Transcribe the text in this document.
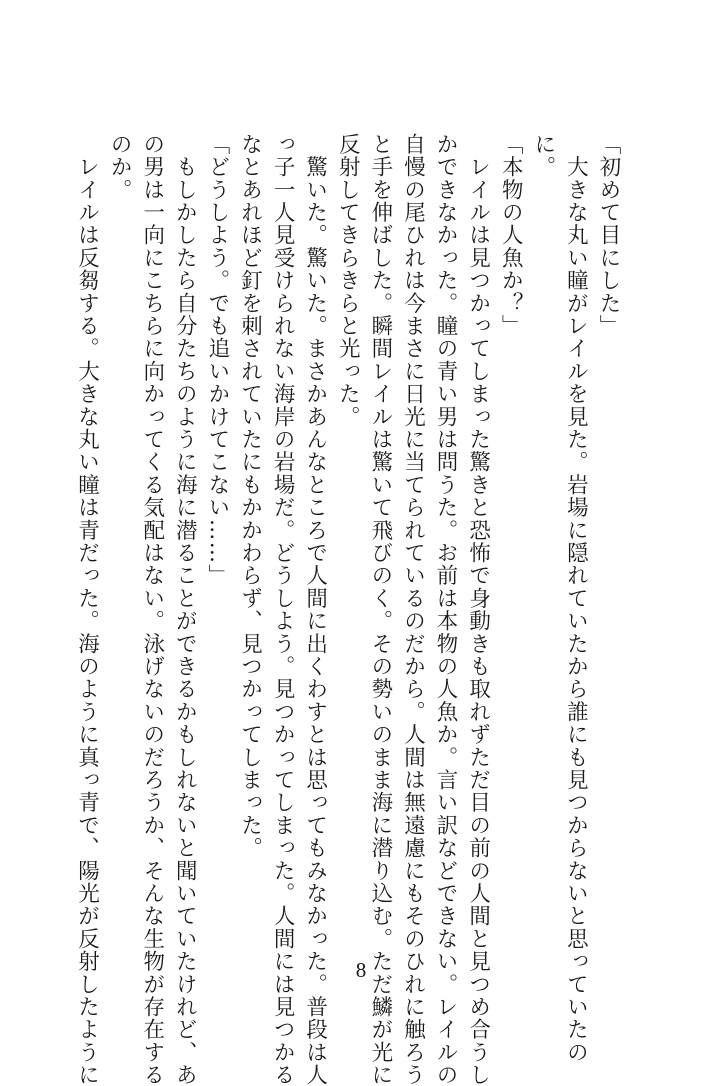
「初めて目にした」
　大きな丸い瞳がレイルを見た。岩場に隠れていたから誰にも見つからないと思っていたの
に。
「本物の人魚か？」
　レイルは見つかってしまった驚きと恐怖で身動きも取れずただ目の前の人間と見つめ合うし
かできなかった。瞳の青い男は問うた。お前は本物の人魚か。言い訳などできない。レイルの
自慢の尾ひれは今まさに日光に当てられているのだから。人間は無遠慮にもそのひれに触ろう
と手を伸ばした。瞬間レイルは驚いて飛びのく。その勢いのまま海に潜り込む。ただ鱗が光に
反射してきらきらと光った。
　驚いた。驚いた。まさかあんなところで人間に出くわすとは思ってもみなかった。普段は人
っ子一人見受けられない海岸の岩場だ。どうしよう。見つかってしまった。人間には見つかる
なとあれほど釘を刺されていたにもかかわらず、見つかってしまった。
「どうしよう。でも追いかけてこない……」
　もしかしたら自分たちのように海に潜ることができるかもしれないと聞いていたけれど、あ
の男は一向にこちらに向かってくる気配はない。泳げないのだろうか、そんな生物が存在する
のか。
　レイルは反芻する。大きな丸い瞳は青だった。海のように真っ青で、陽光が反射したように	8
